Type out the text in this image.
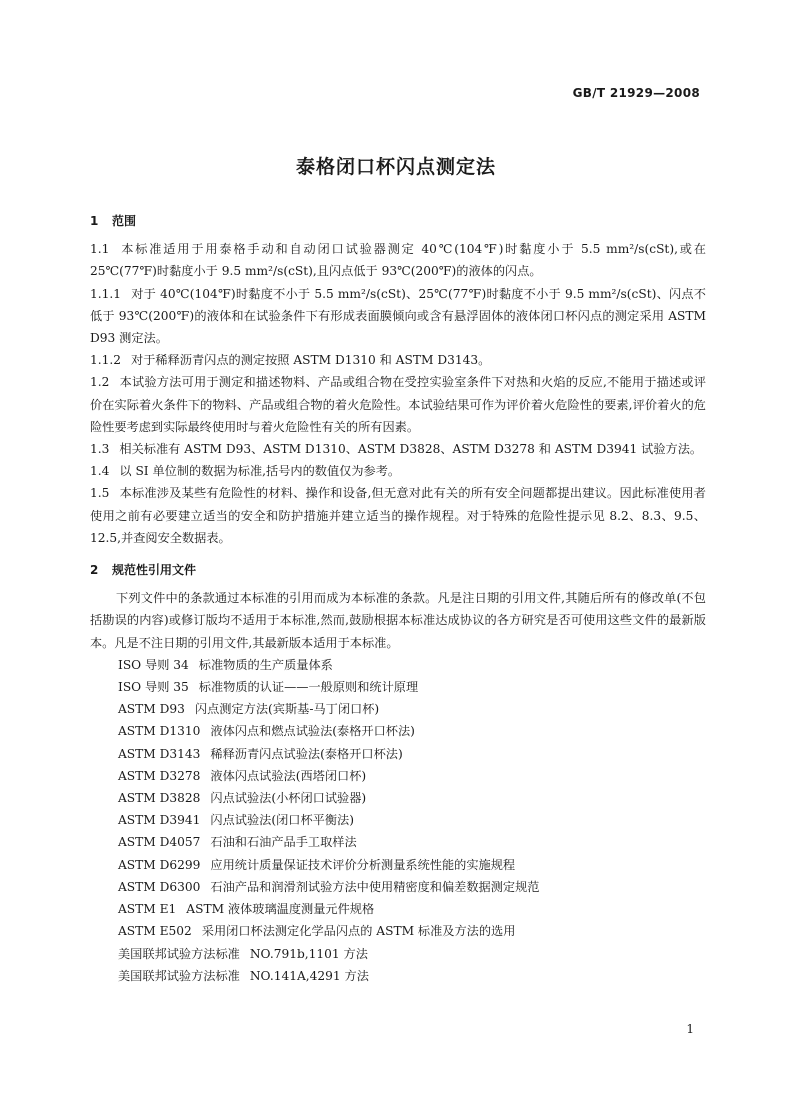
GB/T 21929—2008
泰格闭口杯闪点测定法
1 范围

1.1 本标准适用于用泰格手动和自动闭口试验器测定 40℃(104℉)时黏度小于 5.5 mm²/s(cSt),或在 25℃(77℉)时黏度小于 9.5 mm²/s(cSt),且闪点低于 93℃(200℉)的液体的闪点。

1.1.1 对于 40℃(104℉)时黏度不小于 5.5 mm²/s(cSt)、25℃(77℉)时黏度不小于 9.5 mm²/s(cSt)、闪点不低于 93℃(200℉)的液体和在试验条件下有形成表面膜倾向或含有悬浮固体的液体闭口杯闪点的测定采用 ASTM D93 测定法。

1.1.2 对于稀释沥青闪点的测定按照 ASTM D1310 和 ASTM D3143。

1.2 本试验方法可用于测定和描述物料、产品或组合物在受控实验室条件下对热和火焰的反应,不能用于描述或评价在实际着火条件下的物料、产品或组合物的着火危险性。本试验结果可作为评价着火危险性的要素,评价着火的危险性要考虑到实际最终使用时与着火危险性有关的所有因素。

1.3 相关标准有 ASTM D93、ASTM D1310、ASTM D3828、ASTM D3278 和 ASTM D3941 试验方法。

1.4 以 SI 单位制的数据为标准,括号内的数值仅为参考。

1.5 本标准涉及某些有危险性的材料、操作和设备,但无意对此有关的所有安全问题都提出建议。因此标准使用者使用之前有必要建立适当的安全和防护措施并建立适当的操作规程。对于特殊的危险性提示见 8.2、8.3、9.5、12.5,并查阅安全数据表。

2 规范性引用文件

下列文件中的条款通过本标准的引用而成为本标准的条款。凡是注日期的引用文件,其随后所有的修改单(不包括勘误的内容)或修订版均不适用于本标准,然而,鼓励根据本标准达成协议的各方研究是否可使用这些文件的最新版本。凡是不注日期的引用文件,其最新版本适用于本标准。

ISO 导则 34 标准物质的生产质量体系
ISO 导则 35 标准物质的认证——一般原则和统计原理
ASTM D93 闪点测定方法(宾斯基-马丁闭口杯)
ASTM D1310 液体闪点和燃点试验法(泰格开口杯法)
ASTM D3143 稀释沥青闪点试验法(泰格开口杯法)
ASTM D3278 液体闪点试验法(西塔闭口杯)
ASTM D3828 闪点试验法(小杯闭口试验器)
ASTM D3941 闪点试验法(闭口杯平衡法)
ASTM D4057 石油和石油产品手工取样法
ASTM D6299 应用统计质量保证技术评价分析测量系统性能的实施规程
ASTM D6300 石油产品和润滑剂试验方法中使用精密度和偏差数据测定规范
ASTM E1 ASTM 液体玻璃温度测量元件规格
ASTM E502 采用闭口杯法测定化学品闪点的 ASTM 标准及方法的选用
美国联邦试验方法标准 NO.791b,1101 方法
美国联邦试验方法标准 NO.141A,4291 方法
1
